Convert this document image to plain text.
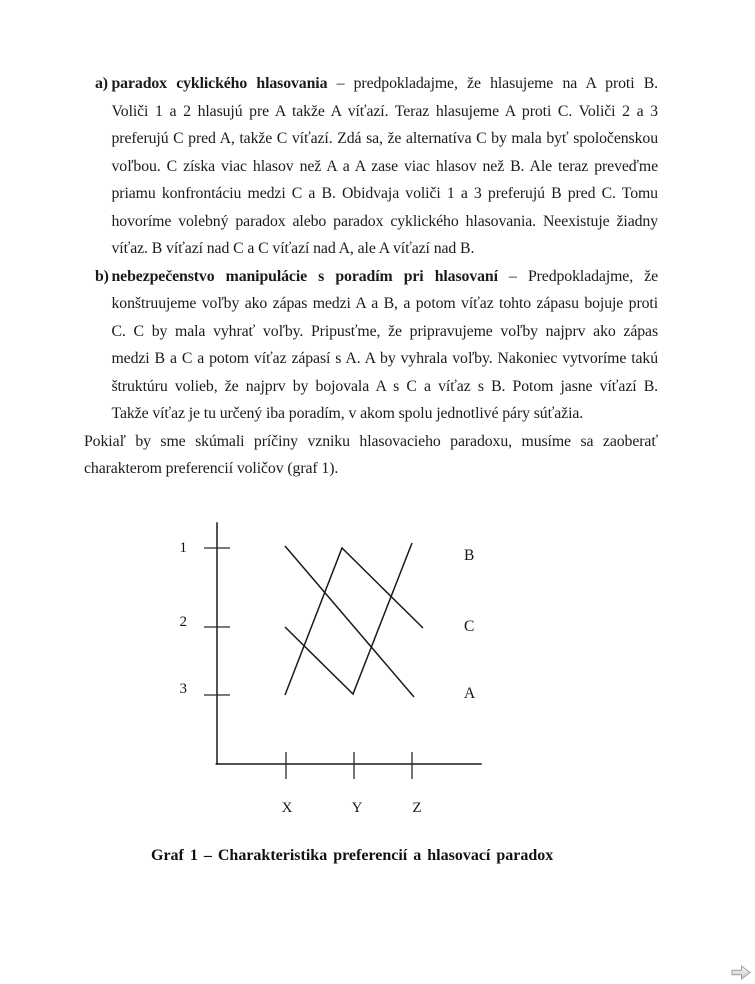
a) paradox cyklického hlasovania – predpokladajme, že hlasujeme na A proti B.
Voliči 1 a 2 hlasujú pre A takže A víťazí. Teraz hlasujeme A proti C. Voliči 2 a 3
preferujú C pred A, takže C víťazí. Zdá sa, že alternatíva C by mala byť spoločenskou
voľbou. C získa viac hlasov než A a A zase viac hlasov než B. Ale teraz preveďme
priamu konfrontáciu medzi C a B. Obidvaja voliči 1 a 3 preferujú B pred C. Tomu
hovoríme volebný paradox alebo paradox cyklického hlasovania. Neexistuje žiadny
víťaz. B víťazí nad C a C víťazí nad A, ale A víťazí nad B.
b) nebezpečenstvo manipulácie s poradím pri hlasovaní – Predpokladajme, že
konštruujeme voľby ako zápas medzi A a B, a potom víťaz tohto zápasu bojuje proti
C. C by mala vyhrať voľby. Pripusťme, že pripravujeme voľby najprv ako zápas
medzi B a C a potom víťaz zápasí s A. A by vyhrala voľby. Nakoniec vytvoríme takú
štruktúru volieb, že najprv by bojovala A s C a víťaz s B. Potom jasne víťazí B.
Takže víťaz je tu určený iba poradím, v akom spolu jednotlivé páry súťažia.
Pokiaľ by sme skúmali príčiny vzniku hlasovacieho paradoxu, musíme sa zaoberať
charakterom preferencií voličov (graf 1).
1
2
3
X	Y	Z
B
C
A
Graf 1 – Charakteristika preferencií a hlasovací paradox
